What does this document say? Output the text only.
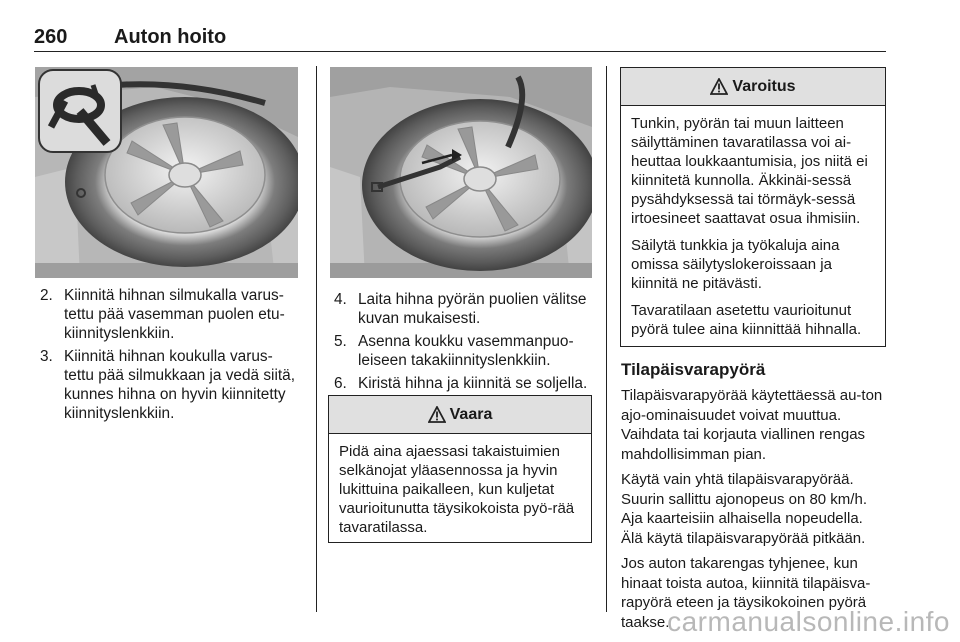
260 Auton hoito
2. Kiinnitä hihnan silmukalla varus-tettu pää vasemman puolen etu-kiinnityslenkkiin.
3. Kiinnitä hihnan koukulla varus-tettu pää silmukkaan ja vedä siitä, kunnes hihna on hyvin kiinnitetty kiinnityslenkkiin.
4. Laita hihna pyörän puolien välitse kuvan mukaisesti.
5. Asenna koukku vasemmanpuo-leiseen takakiinnityslenkkiin.
6. Kiristä hihna ja kiinnitä se soljella.
Vaara

Pidä aina ajaessasi takaistuimien selkänojat yläasennossa ja hyvin lukittuina paikalleen, kun kuljetat vaurioitunutta täysikokoista pyö-rää tavaratilassa.

Varoitus

Tunkin, pyörän tai muun laitteen säilyttäminen tavaratilassa voi ai-heuttaa loukkaantumisia, jos niitä ei kiinnitetä kunnolla. Äkkinäi-sessä pysähdyksessä tai törmäyk-sessä irtoesineet saattavat osua ihmisiin.

Säilytä tunkkia ja työkaluja aina omissa säilytyslokeroissaan ja kiinnitä ne pitävästi.

Tavaratilaan asetettu vaurioitunut pyörä tulee aina kiinnittää hihnalla.

Tilapäisvarapyörä

Tilapäisvarapyörää käytettäessä au-ton ajo-ominaisuudet voivat muuttua. Vaihdata tai korjauta viallinen rengas mahdollisimman pian.

Käytä vain yhtä tilapäisvarapyörää. Suurin sallittu ajonopeus on 80 km/h. Aja kaarteisiin alhaisella nopeudella. Älä käytä tilapäisvarapyörää pitkään.

Jos auton takarengas tyhjenee, kun hinaat toista autoa, kiinnitä tilapäisva-rapyörä eteen ja täysikokoinen pyörä taakse.

carmanualsonline.info
